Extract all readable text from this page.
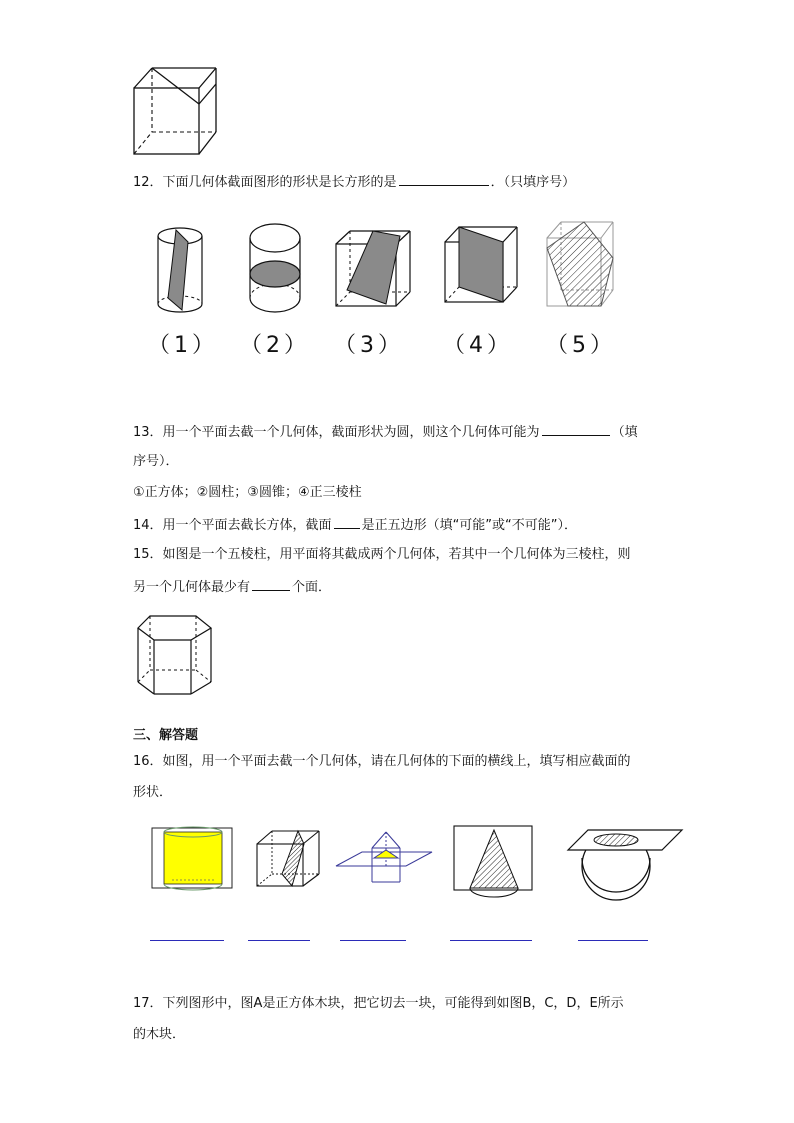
12．下面几何体截面图形的形状是长方形的是	．（只填序号）
（1） （2） （3） （4） （5）
13．用一个平面去截一个几何体，截面形状为圆，则这个几何体可能为	（填
序号）．
①正方体；②圆柱；③圆锥；④正三棱柱
14．用一个平面去截长方体，截面 是正五边形（填“可能”或“不可能”）．
15．如图是一个五棱柱，用平面将其截成两个几何体，若其中一个几何体为三棱柱，则
另一个几何体最少有	个面．
三、解答题
16．如图，用一个平面去截一个几何体，请在几何体的下面的横线上，填写相应截面的
形状．
17．下列图形中，图A是正方体木块，把它切去一块，可能得到如图B，C，D，E所示
的木块．
